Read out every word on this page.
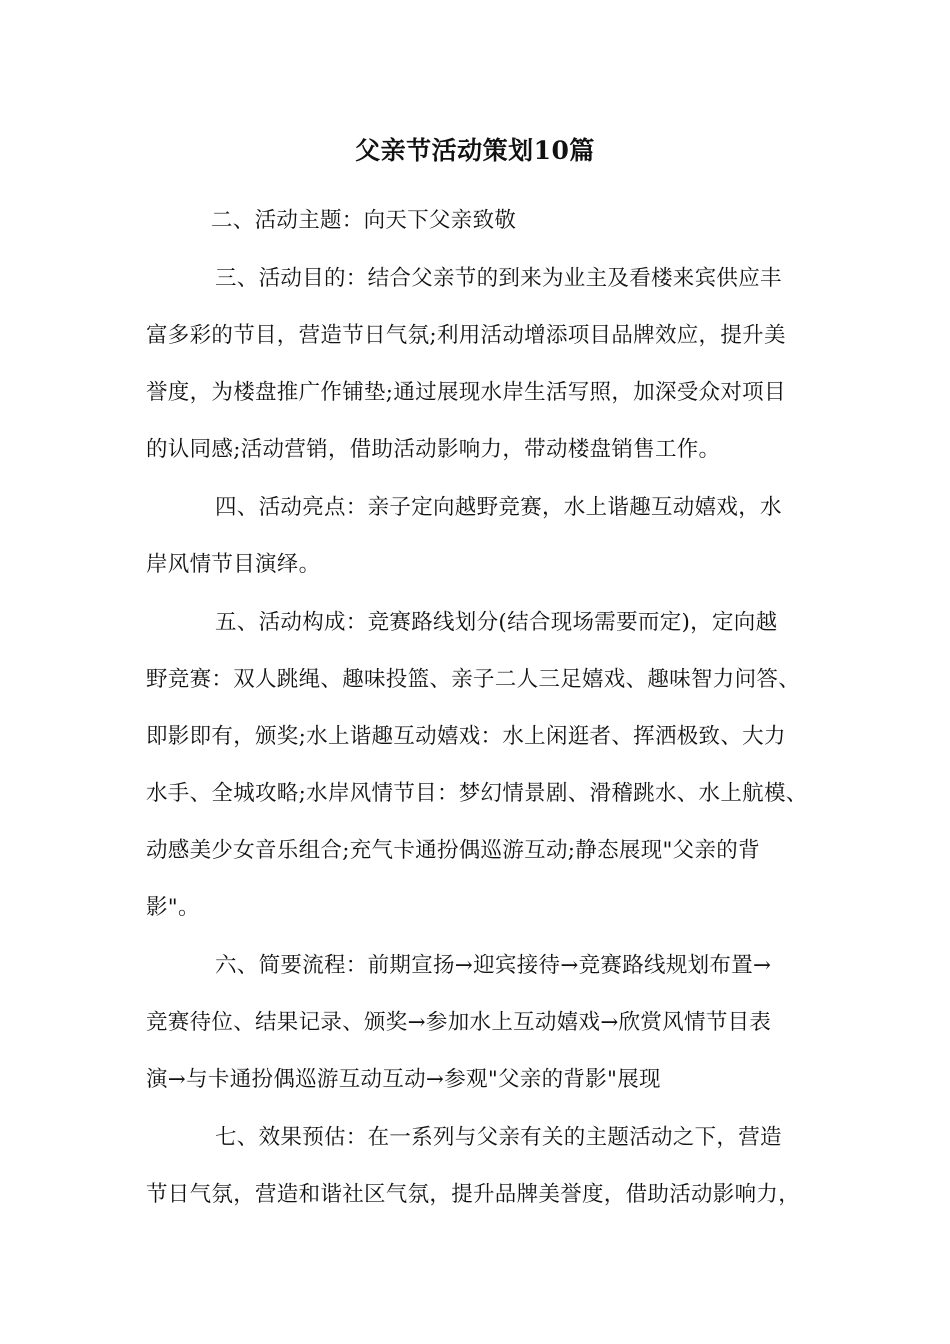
父亲节活动策划10篇
二、活动主题：向天下父亲致敬
三、活动目的：结合父亲节的到来为业主及看楼来宾供应丰
富多彩的节目，营造节日气氛;利用活动增添项目品牌效应，提升美
誉度，为楼盘推广作铺垫;通过展现水岸生活写照，加深受众对项目
的认同感;活动营销，借助活动影响力，带动楼盘销售工作。
四、活动亮点：亲子定向越野竞赛，水上谐趣互动嬉戏，水
岸风情节目演绎。
五、活动构成：竞赛路线划分(结合现场需要而定)，定向越
野竞赛：双人跳绳、趣味投篮、亲子二人三足嬉戏、趣味智力问答、
即影即有，颁奖;水上谐趣互动嬉戏：水上闲逛者、挥洒极致、大力
水手、全城攻略;水岸风情节目：梦幻情景剧、滑稽跳水、水上航模、
动感美少女音乐组合;充气卡通扮偶巡游互动;静态展现"父亲的背
影"。
六、简要流程：前期宣扬→迎宾接待→竞赛路线规划布置→
竞赛待位、结果记录、颁奖→参加水上互动嬉戏→欣赏风情节目表
演→与卡通扮偶巡游互动互动→参观"父亲的背影"展现
七、效果预估：在一系列与父亲有关的主题活动之下，营造
节日气氛，营造和谐社区气氛，提升品牌美誉度，借助活动影响力，
